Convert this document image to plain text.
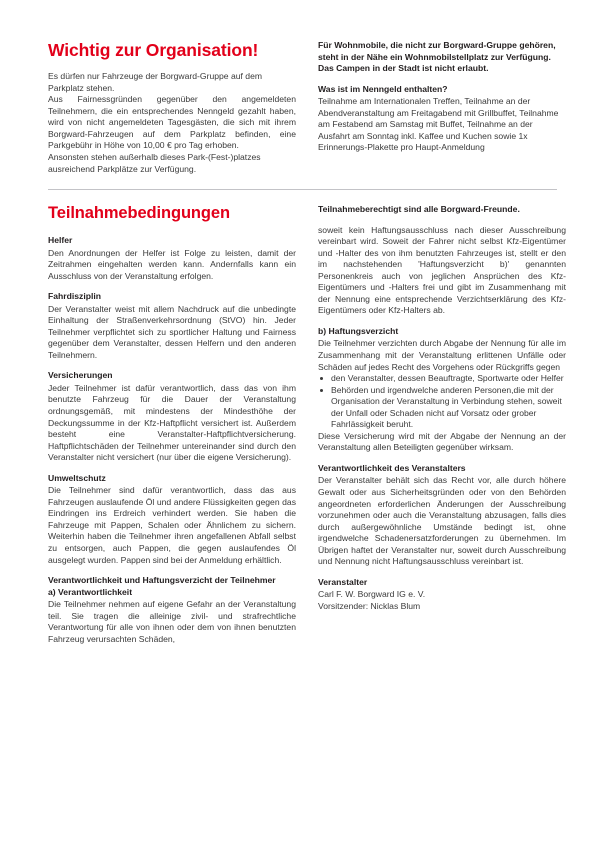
Wichtig zur Organisation!

Es dürfen nur Fahrzeuge der Borgward-Gruppe auf dem Parkplatz stehen.

Aus Fairnessgründen gegenüber den angemeldeten Teilnehmern, die ein entsprechendes Nenngeld gezahlt haben, wird von nicht angemeldeten Tagesgästen, die sich mit ihrem Borgward-Fahrzeugen auf dem Parkplatz befinden, eine Parkgebühr in Höhe von 10,00 € pro Tag erhoben.

Ansonsten stehen außerhalb dieses Park-(Fest-)platzes ausreichend Parkplätze zur Verfügung.

Für Wohnmobile, die nicht zur Borgward-Gruppe gehören, steht in der Nähe ein Wohnmobilstellplatz zur Verfügung. Das Campen in der Stadt ist nicht erlaubt.

Was ist im Nenngeld enthalten?

Teilnahme am Internationalen Treffen, Teilnahme an der Abendveranstaltung am Freitagabend mit Grillbuffet, Teilnahme am Festabend am Samstag mit Buffet, Teilnahme an der Ausfahrt am Sonntag inkl. Kaffee und Kuchen sowie 1x Erinnerungs-Plakette pro Haupt-Anmeldung

Teilnahmebedingungen

Helfer

Den Anordnungen der Helfer ist Folge zu leisten, damit der Zeitrahmen eingehalten werden kann. Andernfalls kann ein Ausschluss von der Veranstaltung erfolgen.

Fahrdisziplin

Der Veranstalter weist mit allem Nachdruck auf die unbedingte Einhaltung der Straßenverkehrsordnung (StVO) hin. Jeder Teilnehmer verpflichtet sich zu sportlicher Haltung und Fairness gegenüber dem Veranstalter, dessen Helfern und den anderen Teilnehmern.

Versicherungen

Jeder Teilnehmer ist dafür verantwortlich, dass das von ihm benutzte Fahrzeug für die Dauer der Veranstaltung ordnungsgemäß, mit mindestens der Mindesthöhe der Deckungssumme in der Kfz-Haftpflicht versichert ist. Außerdem besteht eine Veranstalter-Haftpflichtversicherung. Haftpflichtschäden der Teilnehmer untereinander sind durch den Veranstalter nicht versichert (nur über die eigene Versicherung).

Umweltschutz

Die Teilnehmer sind dafür verantwortlich, dass das aus Fahrzeugen auslaufende Öl und andere Flüssigkeiten gegen das Eindringen ins Erdreich verhindert werden. Sie haben die Fahrzeuge mit Pappen, Schalen oder Ähnlichem zu sichern. Weiterhin haben die Teilnehmer ihren angefallenen Abfall selbst zu entsorgen, auch Pappen, die gegen auslaufendes Öl ausgelegt wurden. Pappen sind bei der Anmeldung erhältlich.

Verantwortlichkeit und Haftungsverzicht der Teilnehmer

a) Verantwortlichkeit

Die Teilnehmer nehmen auf eigene Gefahr an der Veranstaltung teil. Sie tragen die alleinige zivil- und strafrechtliche Verantwortung für alle von ihnen oder dem von ihnen benutzten Fahrzeug verursachten Schäden,

Teilnahmeberechtigt sind alle Borgward-Freunde.

soweit kein Haftungsausschluss nach dieser Ausschreibung vereinbart wird. Soweit der Fahrer nicht selbst Kfz-Eigentümer und -Halter des von ihm benutzten Fahrzeuges ist, stellt er den im nachstehenden 'Haftungsverzicht b)' genannten Personenkreis auch von jeglichen Ansprüchen des Kfz-Eigentümers und -Halters frei und gibt im Zusammenhang mit der Nennung eine entsprechende Verzichtserklärung des Kfz-Eigentümers oder Kfz-Halters ab.

b) Haftungsverzicht

Die Teilnehmer verzichten durch Abgabe der Nennung für alle im Zusammenhang mit der Veranstaltung erlittenen Unfälle oder Schäden auf jedes Recht des Vorgehens oder Rückgriffs gegen

den Veranstalter, dessen Beauftragte, Sportwarte oder Helfer
Behörden und irgendwelche anderen Personen,die mit der Organisation der Veranstaltung in Verbindung stehen, soweit der Unfall oder Schaden nicht auf Vorsatz oder grober Fahrlässigkeit beruht.

Diese Versicherung wird mit der Abgabe der Nennung an der Veranstaltung allen Beteiligten gegenüber wirksam.

Verantwortlichkeit des Veranstalters

Der Veranstalter behält sich das Recht vor, alle durch höhere Gewalt oder aus Sicherheitsgründen oder von den Behörden angeordneten erforderlichen Änderungen der Ausschreibung vorzunehmen oder auch die Veranstaltung abzusagen, falls dies durch außergewöhnliche Umstände bedingt ist, ohne irgendwelche Schadenersatzforderungen zu übernehmen. Im Übrigen haftet der Veranstalter nur, soweit durch Ausschreibung und Nennung nicht Haftungsausschluss vereinbart ist.

Veranstalter

Carl F. W. Borgward IG e. V.

Vorsitzender: Nicklas Blum
